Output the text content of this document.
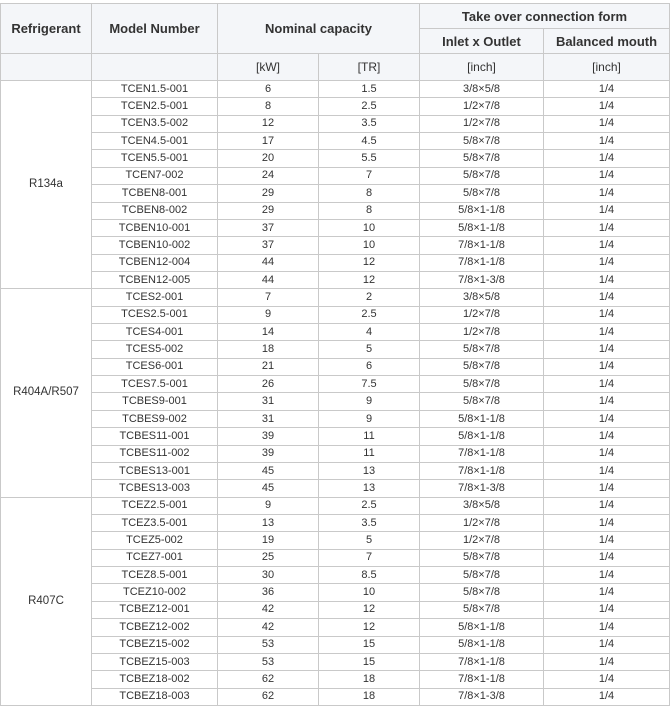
Refrigerant	Model Number	Nominal capacity		Take over connection form	
				Inlet x Outlet	Balanced mouth
		[kW]	[TR]	[inch]	[inch]
R134a	TCEN1.5-001	6	1.5	3/8×5/8	1/4
	TCEN2.5-001	8	2.5	1/2×7/8	1/4
	TCEN3.5-002	12	3.5	1/2×7/8	1/4
	TCEN4.5-001	17	4.5	5/8×7/8	1/4
	TCEN5.5-001	20	5.5	5/8×7/8	1/4
	TCEN7-002	24	7	5/8×7/8	1/4
	TCBEN8-001	29	8	5/8×7/8	1/4
	TCBEN8-002	29	8	5/8×1-1/8	1/4
	TCBEN10-001	37	10	5/8×1-1/8	1/4
	TCBEN10-002	37	10	7/8×1-1/8	1/4
	TCBEN12-004	44	12	7/8×1-1/8	1/4
	TCBEN12-005	44	12	7/8×1-3/8	1/4
R404A/R507	TCES2-001	7	2	3/8×5/8	1/4
	TCES2.5-001	9	2.5	1/2×7/8	1/4
	TCES4-001	14	4	1/2×7/8	1/4
	TCES5-002	18	5	5/8×7/8	1/4
	TCES6-001	21	6	5/8×7/8	1/4
	TCES7.5-001	26	7.5	5/8×7/8	1/4
	TCBES9-001	31	9	5/8×7/8	1/4
	TCBES9-002	31	9	5/8×1-1/8	1/4
	TCBES11-001	39	11	5/8×1-1/8	1/4
	TCBES11-002	39	11	7/8×1-1/8	1/4
	TCBES13-001	45	13	7/8×1-1/8	1/4
	TCBES13-003	45	13	7/8×1-3/8	1/4
R407C	TCEZ2.5-001	9	2.5	3/8×5/8	1/4
	TCEZ3.5-001	13	3.5	1/2×7/8	1/4
	TCEZ5-002	19	5	1/2×7/8	1/4
	TCEZ7-001	25	7	5/8×7/8	1/4
	TCEZ8.5-001	30	8.5	5/8×7/8	1/4
	TCEZ10-002	36	10	5/8×7/8	1/4
	TCBEZ12-001	42	12	5/8×7/8	1/4
	TCBEZ12-002	42	12	5/8×1-1/8	1/4
	TCBEZ15-002	53	15	5/8×1-1/8	1/4
	TCBEZ15-003	53	15	7/8×1-1/8	1/4
	TCBEZ18-002	62	18	7/8×1-1/8	1/4
	TCBEZ18-003	62	18	7/8×1-3/8	1/4
